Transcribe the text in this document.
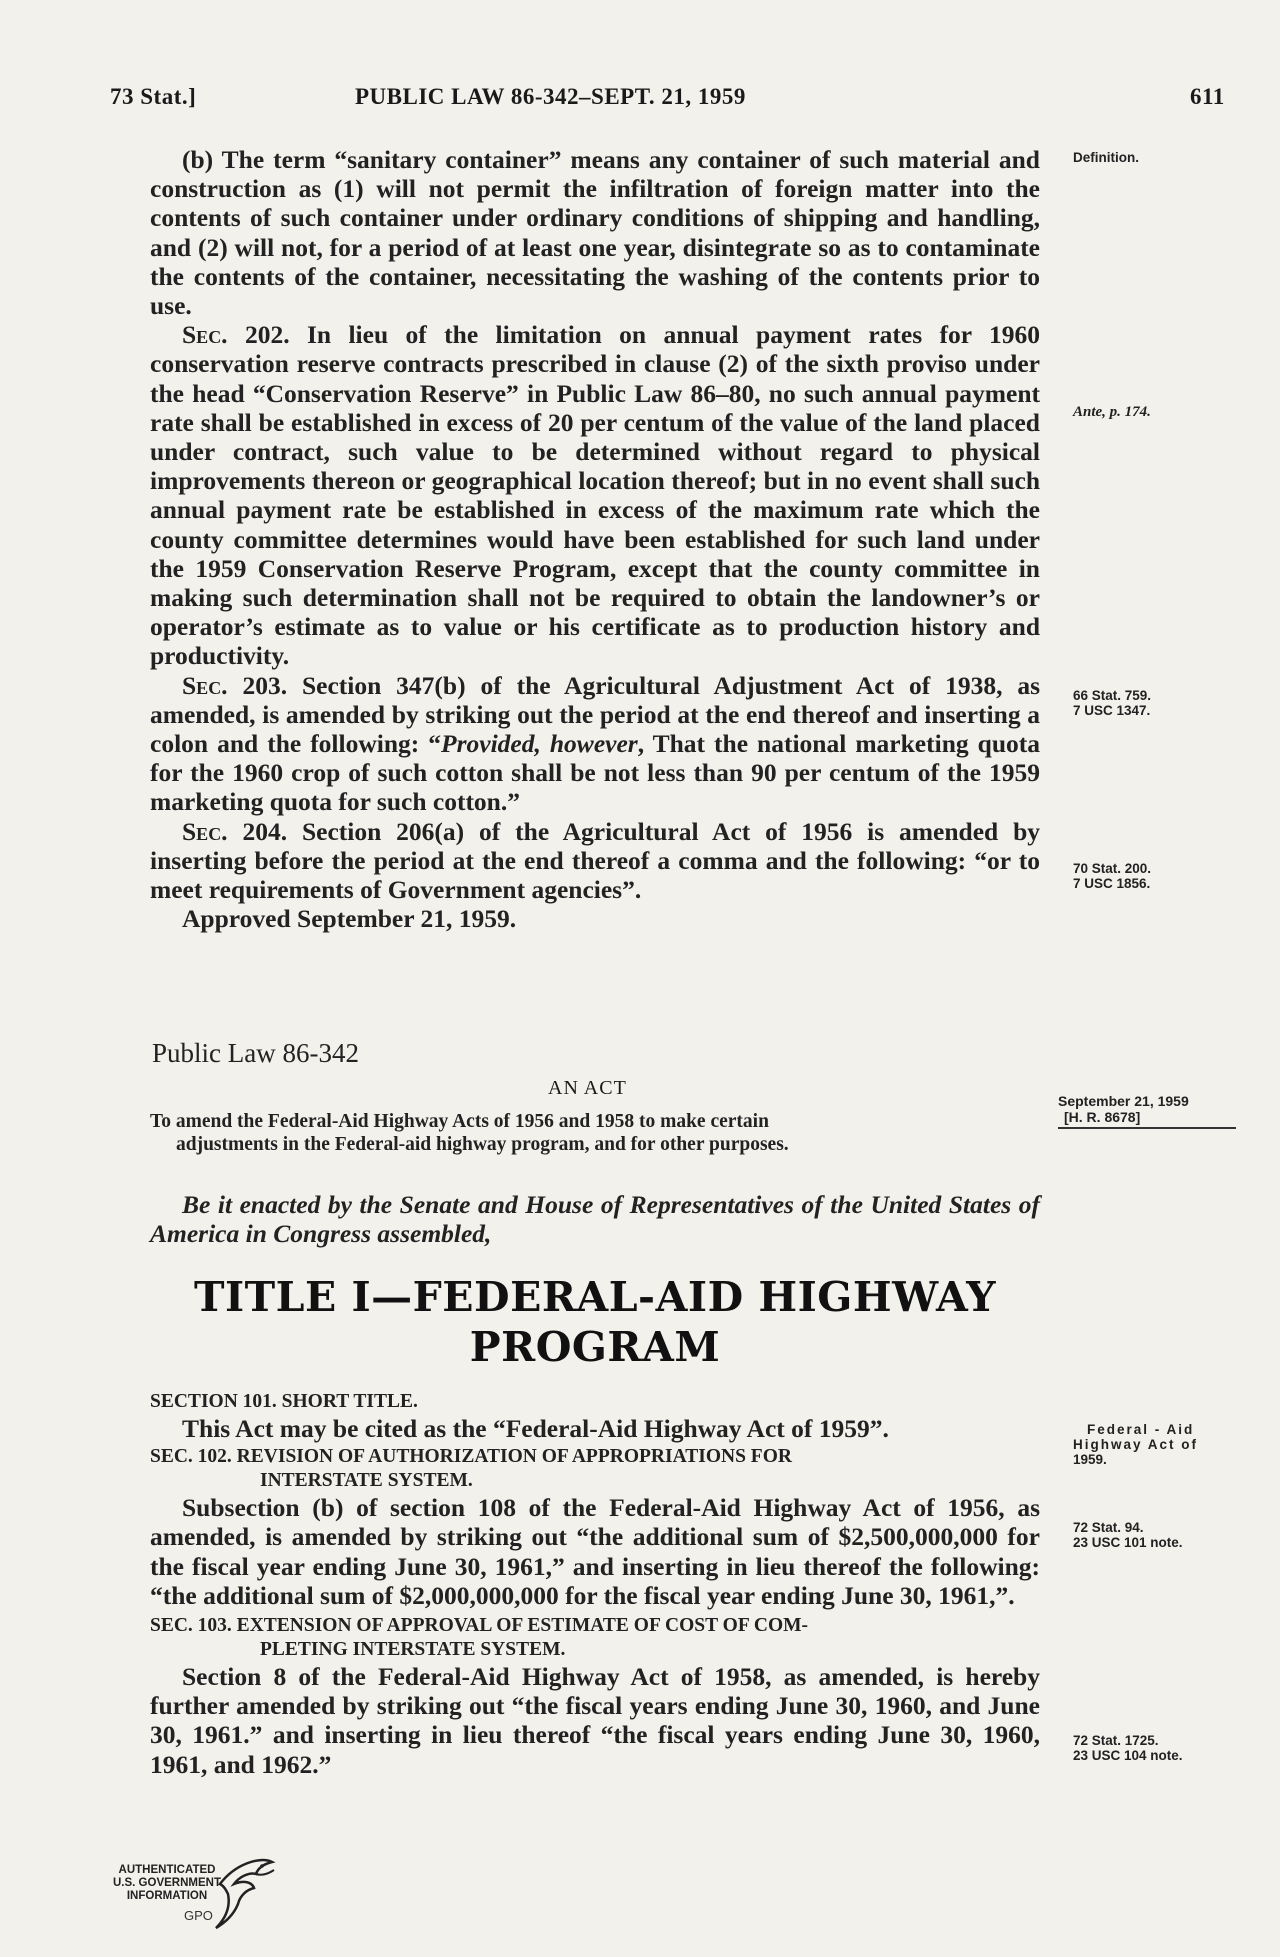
73 Stat.]	PUBLIC LAW 86-342–SEPT. 21, 1959	611

(b) The term “sanitary container” means any container of such material and construction as (1) will not permit the infiltration of foreign matter into the contents of such container under ordinary conditions of shipping and handling, and (2) will not, for a period of at least one year, disintegrate so as to contaminate the contents of the container, necessitating the washing of the contents prior to use.

Sec. 202. In lieu of the limitation on annual payment rates for 1960 conservation reserve contracts prescribed in clause (2) of the sixth proviso under the head “Conservation Reserve” in Public Law 86–80, no such annual payment rate shall be established in excess of 20 per centum of the value of the land placed under contract, such value to be determined without regard to physical improvements thereon or geographical location thereof; but in no event shall such annual payment rate be established in excess of the maximum rate which the county committee determines would have been established for such land under the 1959 Conservation Reserve Program, except that the county committee in making such determination shall not be required to obtain the landowner’s or operator’s estimate as to value or his certificate as to production history and productivity.

Sec. 203. Section 347(b) of the Agricultural Adjustment Act of 1938, as amended, is amended by striking out the period at the end thereof and inserting a colon and the following: “Provided, however, That the national marketing quota for the 1960 crop of such cotton shall be not less than 90 per centum of the 1959 marketing quota for such cotton.”

Sec. 204. Section 206(a) of the Agricultural Act of 1956 is amended by inserting before the period at the end thereof a comma and the following: “or to meet requirements of Government agencies”.

Approved September 21, 1959.

Definition.
Ante, p. 174.
66 Stat. 759.
7 USC 1347.
70 Stat. 200.
7 USC 1856.
Public Law 86-342
AN ACT
To amend the Federal-Aid Highway Acts of 1956 and 1958 to make certain
adjustments in the Federal-aid highway program, and for other purposes.
September 21, 1959
[H. R. 8678]
Be it enacted by the Senate and House of Representatives of the United States of America in Congress assembled,
TITLE I—FEDERAL-AID HIGHWAY
PROGRAM

SECTION 101. SHORT TITLE.

This Act may be cited as the “Federal-Aid Highway Act of 1959”.

SEC. 102. REVISION OF AUTHORIZATION OF APPROPRIATIONS FOR
INTERSTATE SYSTEM.

Subsection (b) of section 108 of the Federal-Aid Highway Act of 1956, as amended, is amended by striking out “the additional sum of $2,500,000,000 for the fiscal year ending June 30, 1961,” and inserting in lieu thereof the following: “the additional sum of $2,000,000,000 for the fiscal year ending June 30, 1961,”.

SEC. 103. EXTENSION OF APPROVAL OF ESTIMATE OF COST OF COM-
PLETING INTERSTATE SYSTEM.

Section 8 of the Federal-Aid Highway Act of 1958, as amended, is hereby further amended by striking out “the fiscal years ending June 30, 1960, and June 30, 1961.” and inserting in lieu thereof “the fiscal years ending June 30, 1960, 1961, and 1962.”

Federal - Aid
Highway Act of
1959.
72 Stat. 94.
23 USC 101 note.
72 Stat. 1725.
23 USC 104 note.
AUTHENTICATED
U.S. GOVERNMENT
INFORMATION
GPO
